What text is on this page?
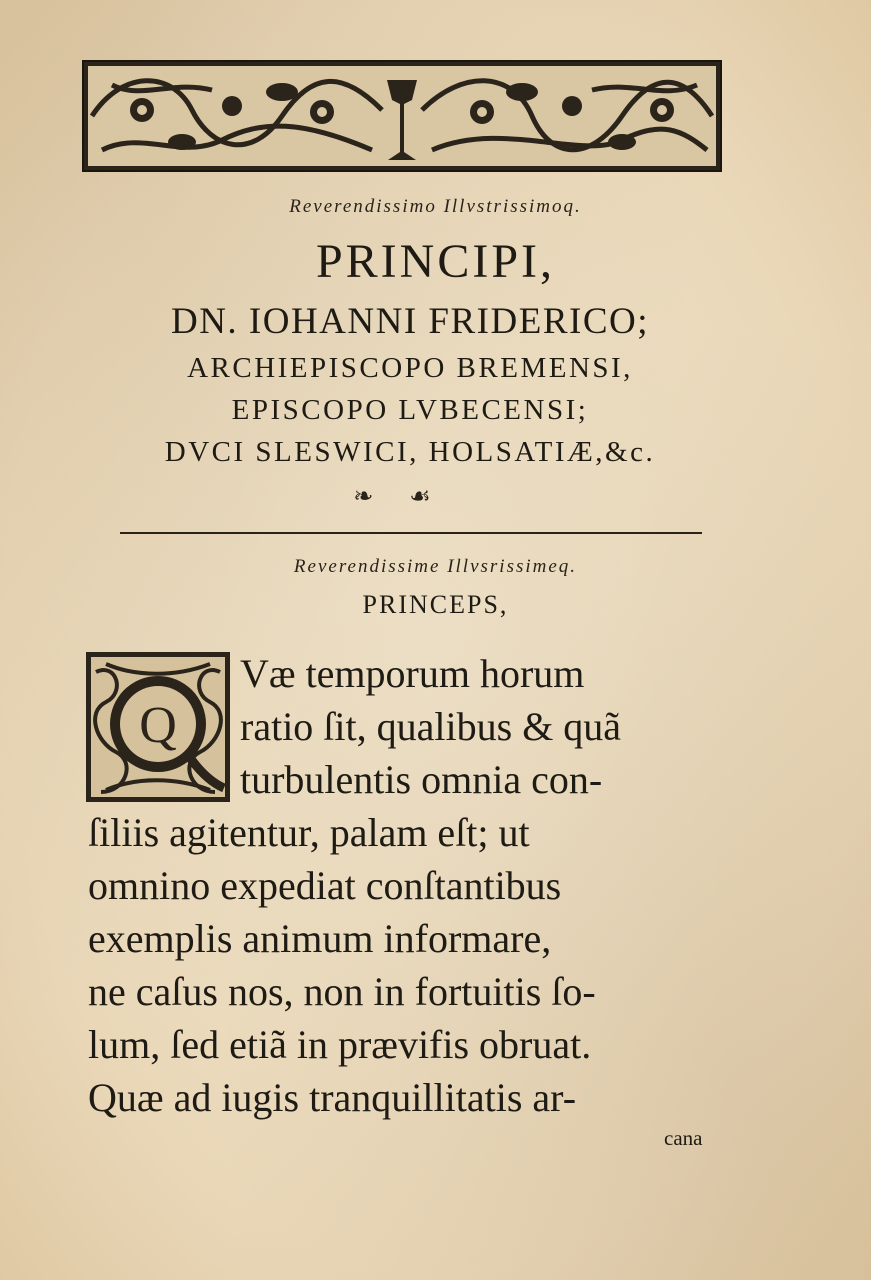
Reverendissimo Illvstrissimoq.
PRINCIPI,
DN. IOHANNI FRIDERICO;
ARCHIEPISCOPO BREMENSI,
EPISCOPO LVBECENSI;
DVCI SLESWICI, HOLSATIÆ,&c.
❧☙
Reverendissime Illvsrissimeq.
PRINCEPS,
Q
Væ temporum horum
ratio ſit, qualibus & quã
turbulentis omnia con-
ſiliis agitentur, palam eſt; ut
omnino expediat conſtantibus
exemplis animum informare,
ne caſus nos, non in fortuitis ſo-
lum, ſed etiã in prævifis obruat.
Quæ ad iugis tranquillitatis ar-
cana
